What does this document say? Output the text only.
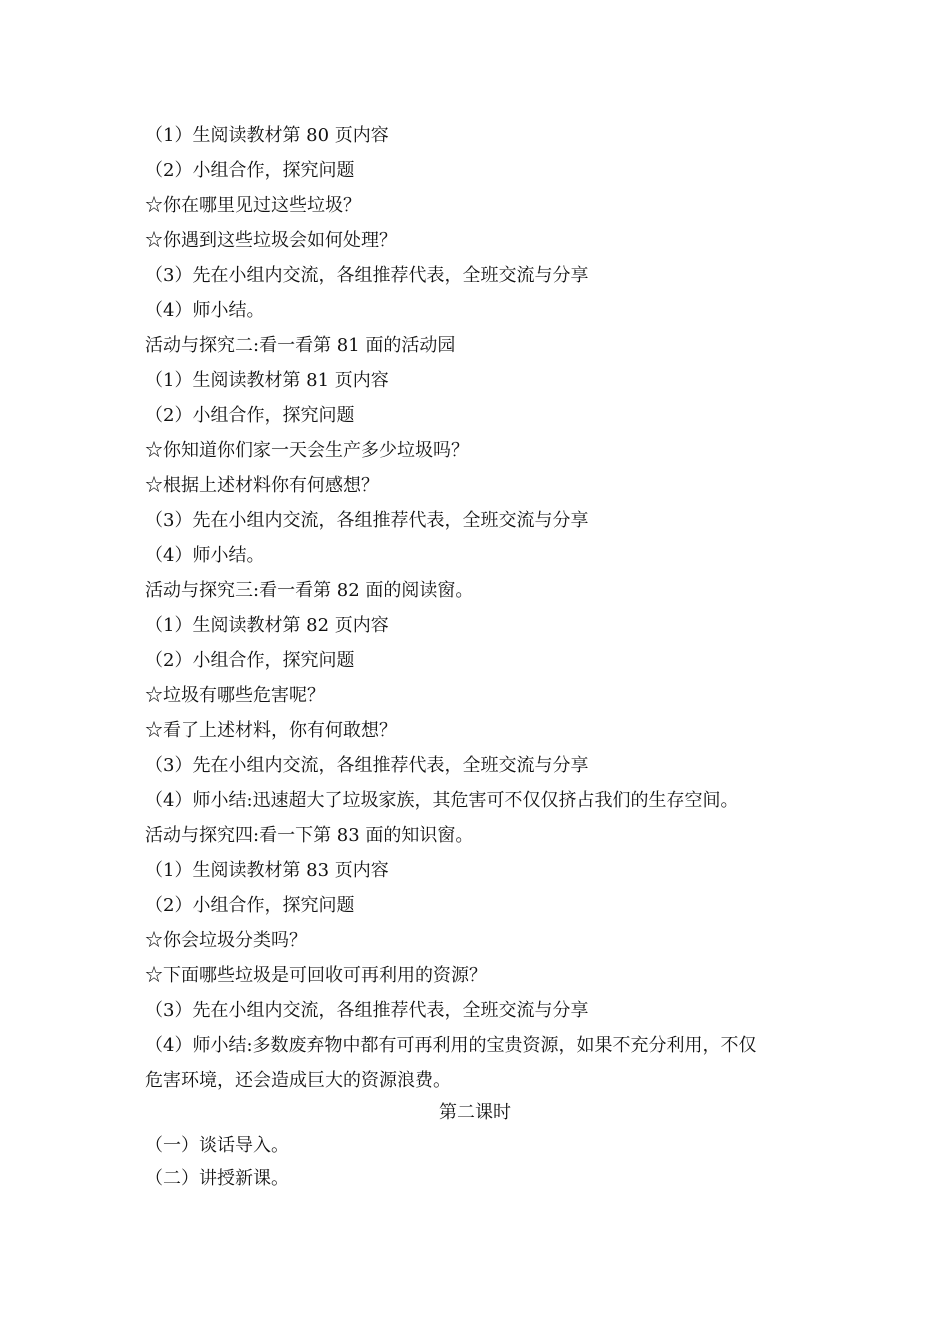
（1）生阅读教材第 80 页内容
（2）小组合作，探究问题
☆你在哪里见过这些垃圾？
☆你遇到这些垃圾会如何处理？
（3）先在小组内交流，各组推荐代表，全班交流与分享
（4）师小结。
活动与探究二:看一看第 81 面的活动园
（1）生阅读教材第 81 页内容
（2）小组合作，探究问题
☆你知道你们家一天会生产多少垃圾吗？
☆根据上述材料你有何感想？
（3）先在小组内交流，各组推荐代表，全班交流与分享
（4）师小结。
活动与探究三:看一看第 82 面的阅读窗。
（1）生阅读教材第 82 页内容
（2）小组合作，探究问题
☆垃圾有哪些危害呢？
☆看了上述材料，你有何敢想？
（3）先在小组内交流，各组推荐代表，全班交流与分享
（4）师小结:迅速超大了垃圾家族，其危害可不仅仅挤占我们的生存空间。
活动与探究四:看一下第 83 面的知识窗。
（1）生阅读教材第 83 页内容
（2）小组合作，探究问题
☆你会垃圾分类吗？
☆下面哪些垃圾是可回收可再利用的资源？
（3）先在小组内交流，各组推荐代表，全班交流与分享
（4）师小结:多数废弃物中都有可再利用的宝贵资源，如果不充分利用，不仅
危害环境，还会造成巨大的资源浪费。
第二课时
（一）谈话导入。
（二）讲授新课。
